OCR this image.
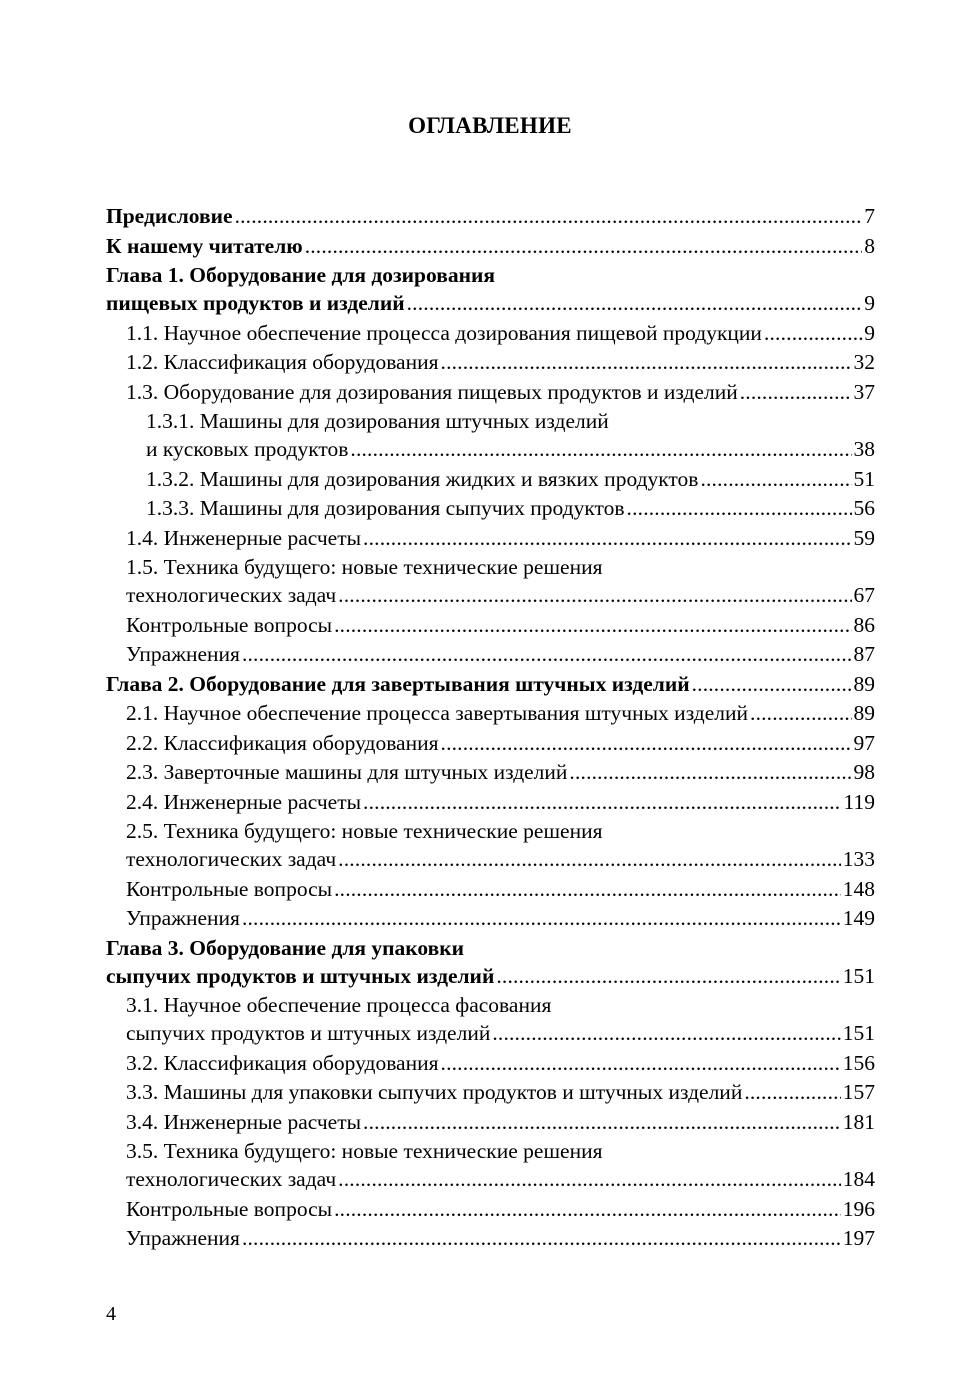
ОГЛАВЛЕНИЕ
Предисловие . . .	7
К нашему читателю . . .	8
Глава 1. Оборудование для дозирования
пищевых продуктов и изделий . . .	9
1.1. Научное обеспечение процесса дозирования пищевой продукции . . .	9
1.2. Классификация оборудования . . .	32
1.3. Оборудование для дозирования пищевых продуктов и изделий . . .	37
1.3.1. Машины для дозирования штучных изделий
и кусковых продуктов . . .	38
1.3.2. Машины для дозирования жидких и вязких продуктов . . .	51
1.3.3. Машины для дозирования сыпучих продуктов . . .	56
1.4. Инженерные расчеты . . .	59
1.5. Техника будущего: новые технические решения
технологических задач . . .	67
Контрольные вопросы . . .	86
Упражнения . . .	87
Глава 2. Оборудование для завертывания штучных изделий . . .	89
2.1. Научное обеспечение процесса завертывания штучных изделий . . .	89
2.2. Классификация оборудования . . .	97
2.3. Заверточные машины для штучных изделий . . .	98
2.4. Инженерные расчеты . . .	119
2.5. Техника будущего: новые технические решения
технологических задач . . .	133
Контрольные вопросы . . .	148
Упражнения . . .	149
Глава 3. Оборудование для упаковки
сыпучих продуктов и штучных изделий . . .	151
3.1. Научное обеспечение процесса фасования
сыпучих продуктов и штучных изделий . . .	151
3.2. Классификация оборудования . . .	156
3.3. Машины для упаковки сыпучих продуктов и штучных изделий . . .	157
3.4. Инженерные расчеты . . .	181
3.5. Техника будущего: новые технические решения
технологических задач . . .	184
Контрольные вопросы . . .	196
Упражнения . . .	197
4
